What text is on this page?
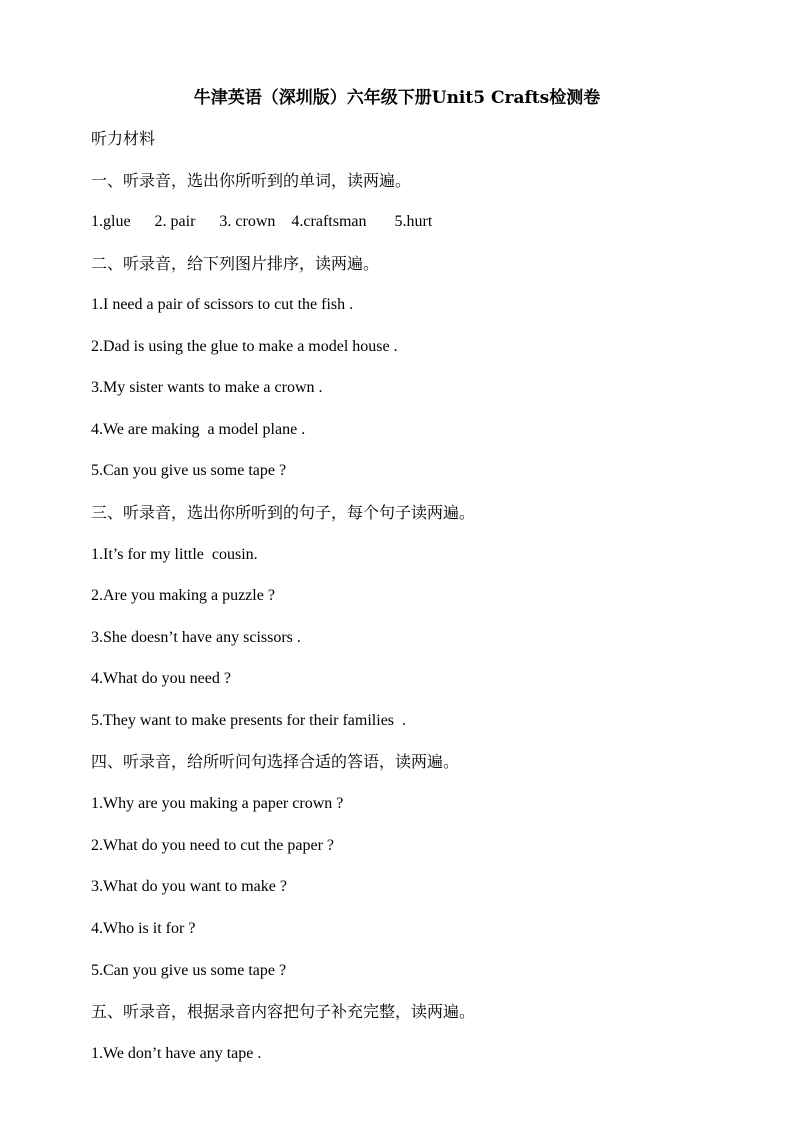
牛津英语（深圳版）六年级下册Unit5 Crafts检测卷

听力材料

一、听录音，选出你所听到的单词，读两遍。

1.glue      2. pair      3. crown    4.craftsman       5.hurt

二、听录音，给下列图片排序，读两遍。

1.I need a pair of scissors to cut the fish .

2.Dad is using the glue to make a model house .

3.My sister wants to make a crown .

4.We are making  a model plane .

5.Can you give us some tape ?

三、听录音，选出你所听到的句子，每个句子读两遍。

1.It’s for my little  cousin.

2.Are you making a puzzle ?

3.She doesn’t have any scissors .

4.What do you need ?

5.They want to make presents for their families  .

四、听录音，给所听问句选择合适的答语，读两遍。

1.Why are you making a paper crown ?

2.What do you need to cut the paper ?

3.What do you want to make ?

4.Who is it for ?

5.Can you give us some tape ?

五、听录音，根据录音内容把句子补充完整，读两遍。

1.We don’t have any tape .
